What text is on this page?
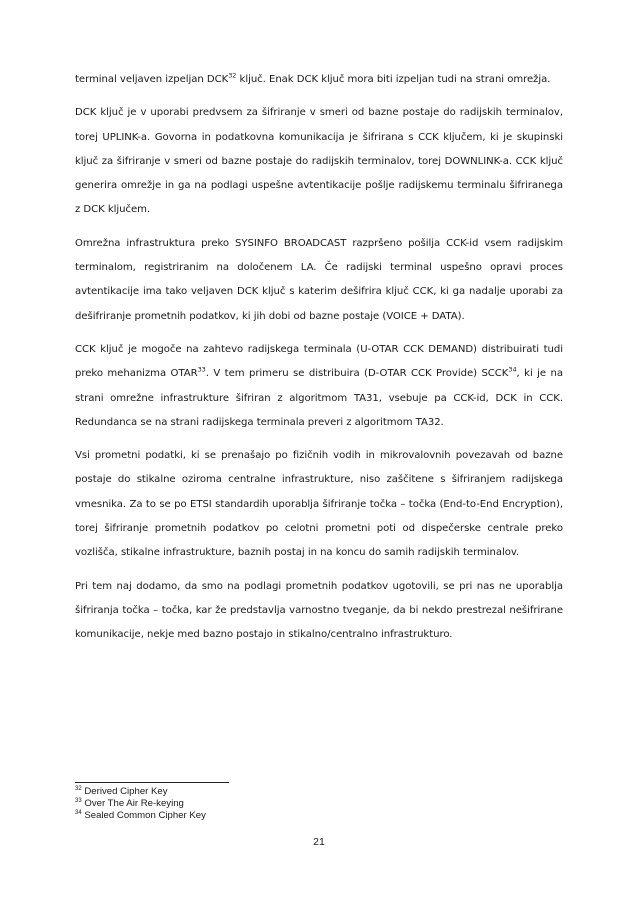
terminal veljaven izpeljan DCK$^{32}$ ključ. Enak DCK ključ mora biti izpeljan tudi na strani omrežja.

DCK ključ je v uporabi predvsem za šifriranje v smeri od bazne postaje do radijskih terminalov, torej UPLINK-a. Govorna in podatkovna komunikacija je šifrirana s CCK ključem, ki je skupinski ključ za šifriranje v smeri od bazne postaje do radijskih terminalov, torej DOWNLINK-a. CCK ključ generira omrežje in ga na podlagi uspešne avtentikacije pošlje radijskemu terminalu šifriranega z DCK ključem.

Omrežna infrastruktura preko SYSINFO BROADCAST razpršeno pošilja CCK-id vsem radijskim terminalom, registriranim na določenem LA. Če radijski terminal uspešno opravi proces avtentikacije ima tako veljaven DCK ključ s katerim dešifrira ključ CCK, ki ga nadalje uporabi za dešifriranje prometnih podatkov, ki jih dobi od bazne postaje (VOICE + DATA).

CCK ključ je mogoče na zahtevo radijskega terminala (U-OTAR CCK DEMAND) distribuirati tudi preko mehanizma OTAR$^{33}$. V tem primeru se distribuira (D-OTAR CCK Provide) SCCK$^{34}$, ki je na strani omrežne infrastrukture šifriran z algoritmom TA31, vsebuje pa CCK-id, DCK in CCK. Redundanca se na strani radijskega terminala preveri z algoritmom TA32.

Vsi prometni podatki, ki se prenašajo po fizičnih vodih in mikrovalovnih povezavah od bazne postaje do stikalne oziroma centralne infrastrukture, niso zaščitene s šifriranjem radijskega vmesnika. Za to se po ETSI standardih uporablja šifriranje točka – točka (End-to-End Encryption), torej šifriranje prometnih podatkov po celotni prometni poti od dispečerske centrale preko vozlišča, stikalne infrastrukture, baznih postaj in na koncu do samih radijskih terminalov.

Pri tem naj dodamo, da smo na podlagi prometnih podatkov ugotovili, se pri nas ne uporablja šifriranja točka – točka, kar že predstavlja varnostno tveganje, da bi nekdo prestrezal nešifrirane komunikacije, nekje med bazno postajo in stikalno/centralno infrastrukturo.

$^{32}$ Derived Cipher Key
$^{33}$ Over The Air Re-keying
$^{34}$ Sealed Common Cipher Key
21
